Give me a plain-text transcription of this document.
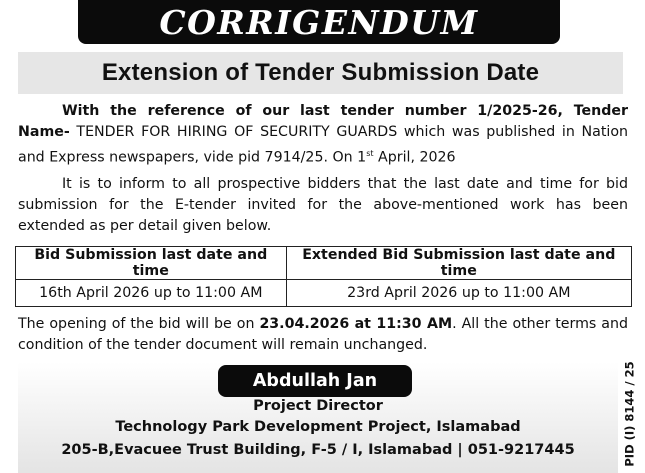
CORRIGENDUM
Extension of Tender Submission Date
With the reference of our last tender number 1/2025-26, Tender Name- TENDER FOR HIRING OF SECURITY GUARDS which was published in Nation and Express newspapers, vide pid 7914/25. On 1st April, 2026
It is to inform to all prospective bidders that the last date and time for bid submission for the E-tender invited for the above-mentioned work has been extended as per detail given below.
Bid Submission last date and time	Extended Bid Submission last date and time
16th April 2026 up to 11:00 AM	23rd April 2026 up to 11:00 AM
The opening of the bid will be on 23.04.2026 at 11:30 AM. All the other terms and condition of the tender document will remain unchanged.
Abdullah Jan
Project Director
Technology Park Development Project, Islamabad
205-B,Evacuee Trust Building, F-5 / I, Islamabad | 051-9217445	PID (I) 8144 / 25
